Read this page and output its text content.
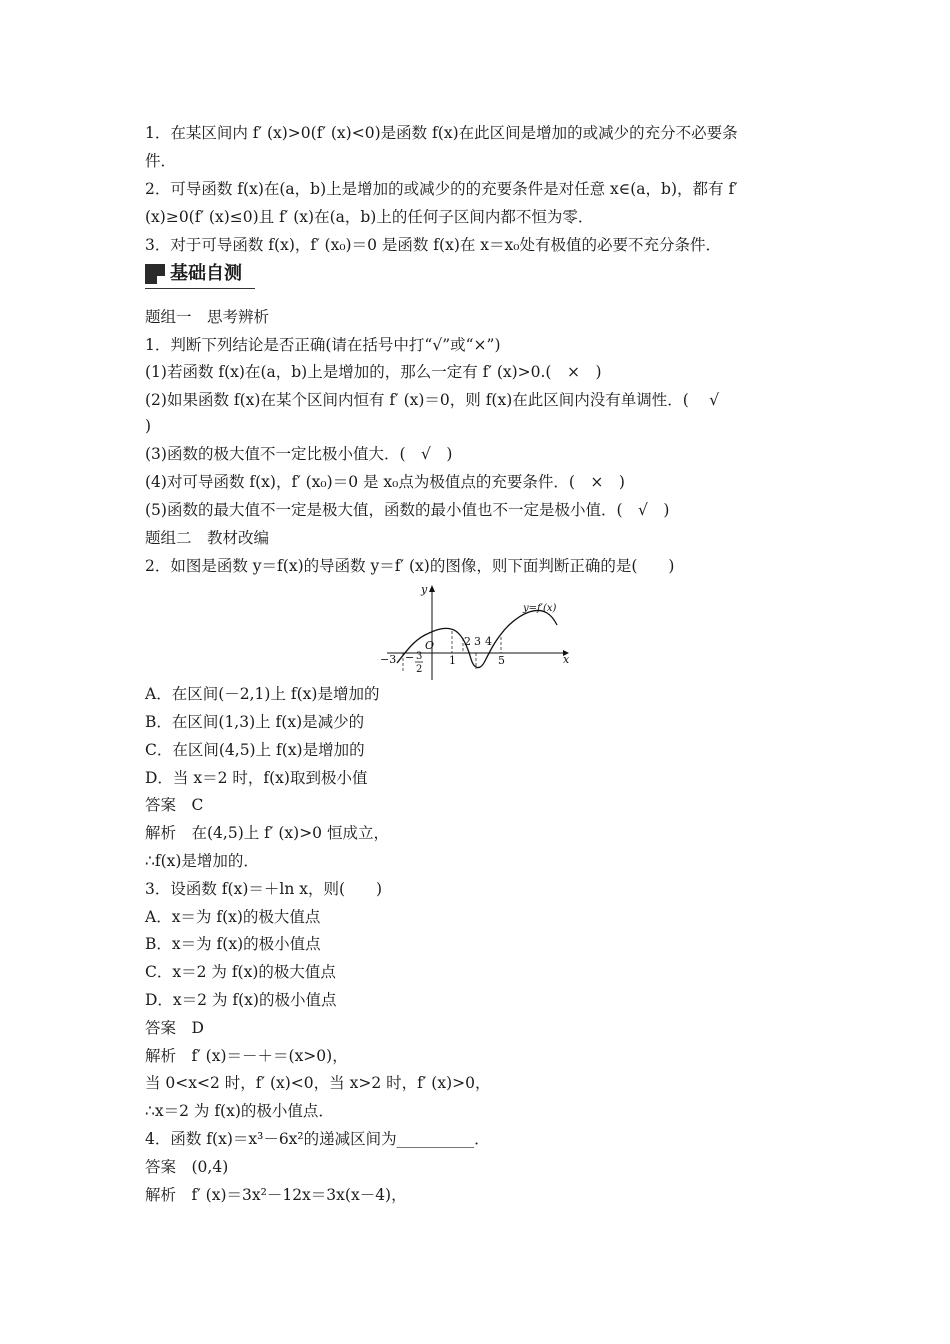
1．在某区间内 f′ (x)>0(f′ (x)<0)是函数 f(x)在此区间是增加的或减少的充分不必要条
件．
2．可导函数 f(x)在(a，b)上是增加的或减少的的充要条件是对任意 x∈(a，b)，都有 f′
(x)≥0(f′ (x)≤0)且 f′ (x)在(a，b)上的任何子区间内都不恒为零．
3．对于可导函数 f(x)，f′ (x₀)＝0 是函数 f(x)在 x＝x₀处有极值的必要不充分条件．
基础自测
题组一　思考辨析
1．判断下列结论是否正确(请在括号中打“√”或“×”)
(1)若函数 f(x)在(a，b)上是增加的，那么一定有 f′ (x)>0.(　×　)
(2)如果函数 f(x)在某个区间内恒有 f′ (x)＝0，则 f(x)在此区间内没有单调性．(　 √
)
(3)函数的极大值不一定比极小值大．(　√　)
(4)对可导函数 f(x)，f′ (x₀)＝0 是 x₀点为极值点的充要条件．(　×　)
(5)函数的最大值不一定是极大值，函数的最小值也不一定是极小值．(　√　)
题组二　教材改编
2．如图是函数 y＝f(x)的导函数 y＝f′ (x)的图像，则下面判断正确的是(　　)
y
x
O
y=f′(x)
−3 − 3
2
1
2 3 4
5
A．在区间(－2,1)上 f(x)是增加的
B．在区间(1,3)上 f(x)是减少的
C．在区间(4,5)上 f(x)是增加的
D．当 x＝2 时，f(x)取到极小值
答案　C
解析　在(4,5)上 f′ (x)>0 恒成立，
∴f(x)是增加的．
3．设函数 f(x)＝＋ln x，则(　　)
A．x＝为 f(x)的极大值点
B．x＝为 f(x)的极小值点
C．x＝2 为 f(x)的极大值点
D．x＝2 为 f(x)的极小值点
答案　D
解析　f′ (x)＝－＋＝(x>0)，
当 0<x<2 时，f′ (x)<0，当 x>2 时，f′ (x)>0，
∴x＝2 为 f(x)的极小值点．
4．函数 f(x)＝x³－6x²的递减区间为__________．
答案　(0,4)
解析　f′ (x)＝3x²－12x＝3x(x－4)，
